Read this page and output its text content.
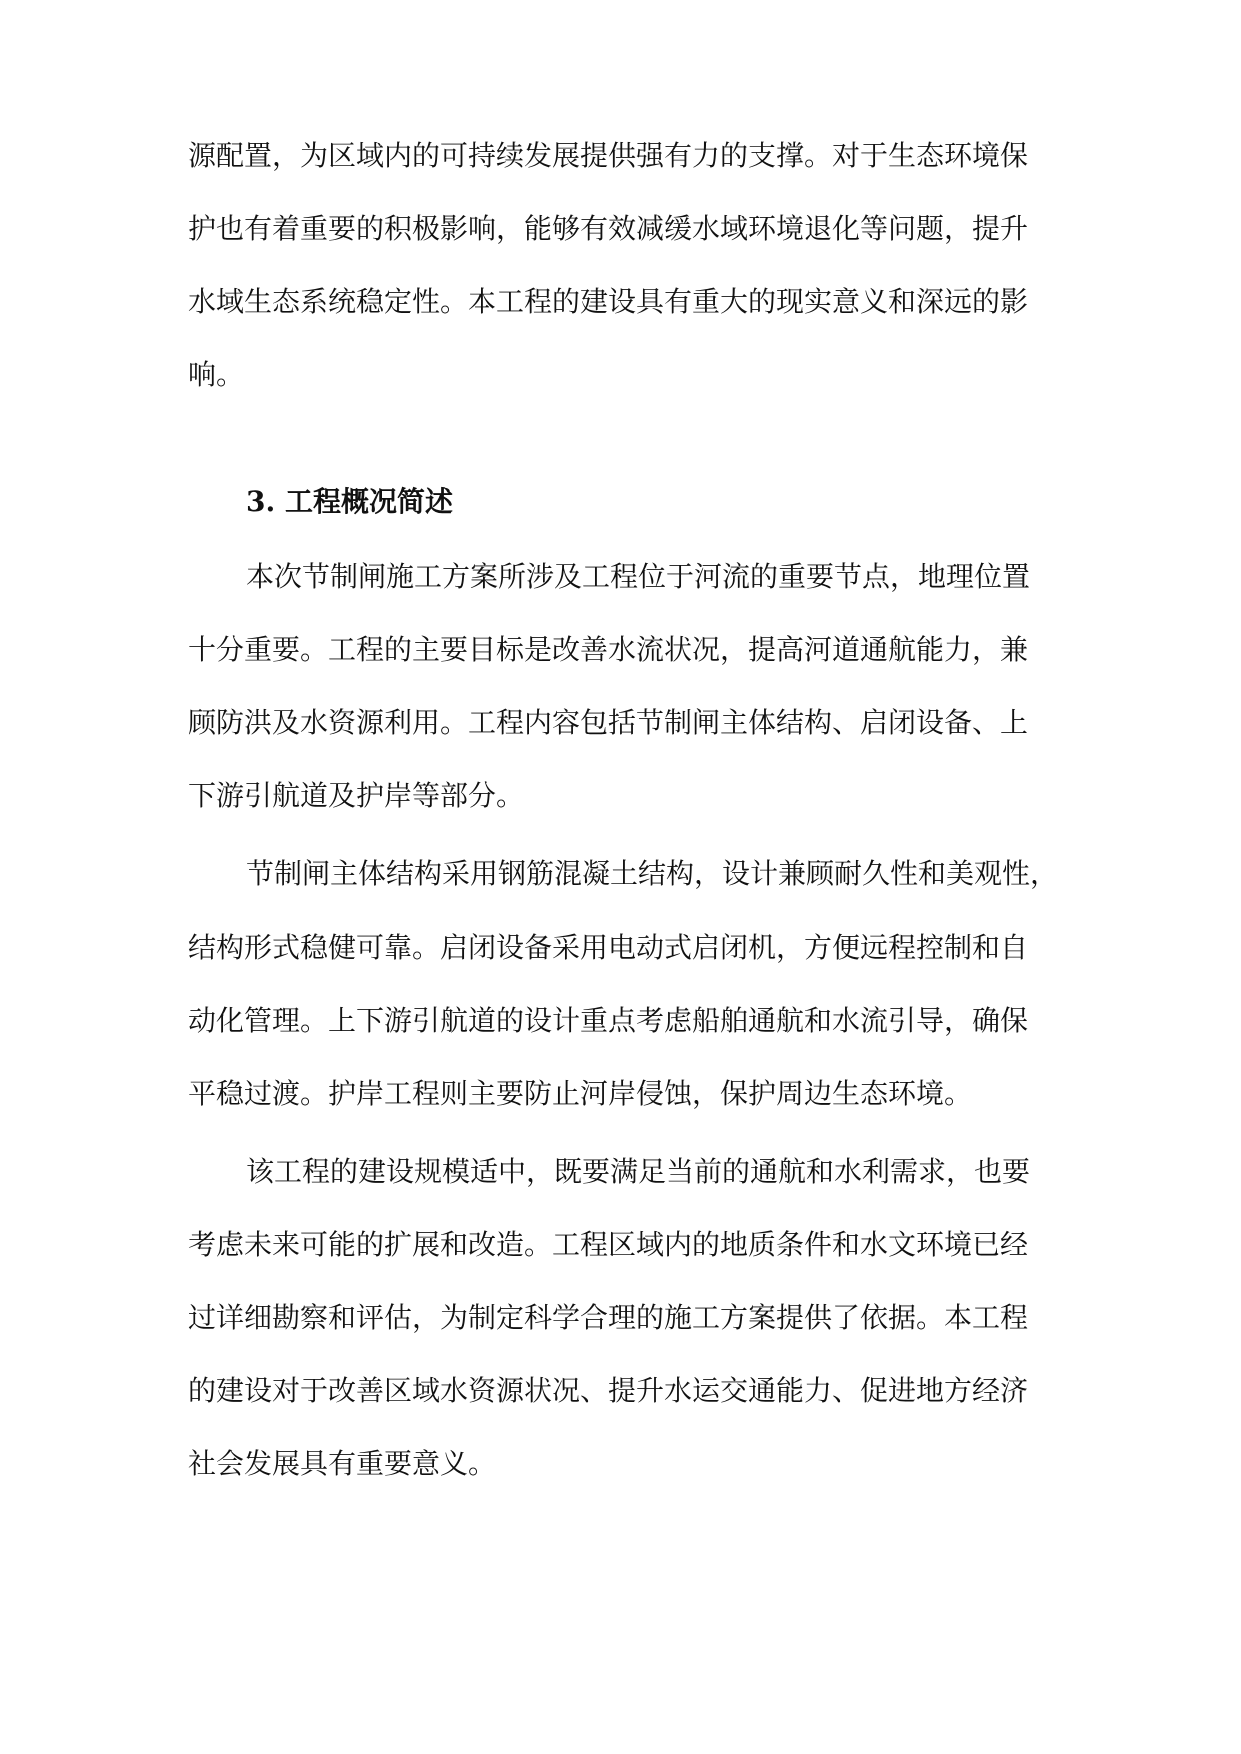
源配置，为区域内的可持续发展提供强有力的支撑。对于生态环境保

护也有着重要的积极影响，能够有效减缓水域环境退化等问题，提升

水域生态系统稳定性。本工程的建设具有重大的现实意义和深远的影

响。

3. 工程概况简述

本次节制闸施工方案所涉及工程位于河流的重要节点，地理位置

十分重要。工程的主要目标是改善水流状况，提高河道通航能力，兼

顾防洪及水资源利用。工程内容包括节制闸主体结构、启闭设备、上

下游引航道及护岸等部分。

节制闸主体结构采用钢筋混凝土结构，设计兼顾耐久性和美观性，

结构形式稳健可靠。启闭设备采用电动式启闭机，方便远程控制和自

动化管理。上下游引航道的设计重点考虑船舶通航和水流引导，确保

平稳过渡。护岸工程则主要防止河岸侵蚀，保护周边生态环境。

该工程的建设规模适中，既要满足当前的通航和水利需求，也要

考虑未来可能的扩展和改造。工程区域内的地质条件和水文环境已经

过详细勘察和评估，为制定科学合理的施工方案提供了依据。本工程

的建设对于改善区域水资源状况、提升水运交通能力、促进地方经济

社会发展具有重要意义。
